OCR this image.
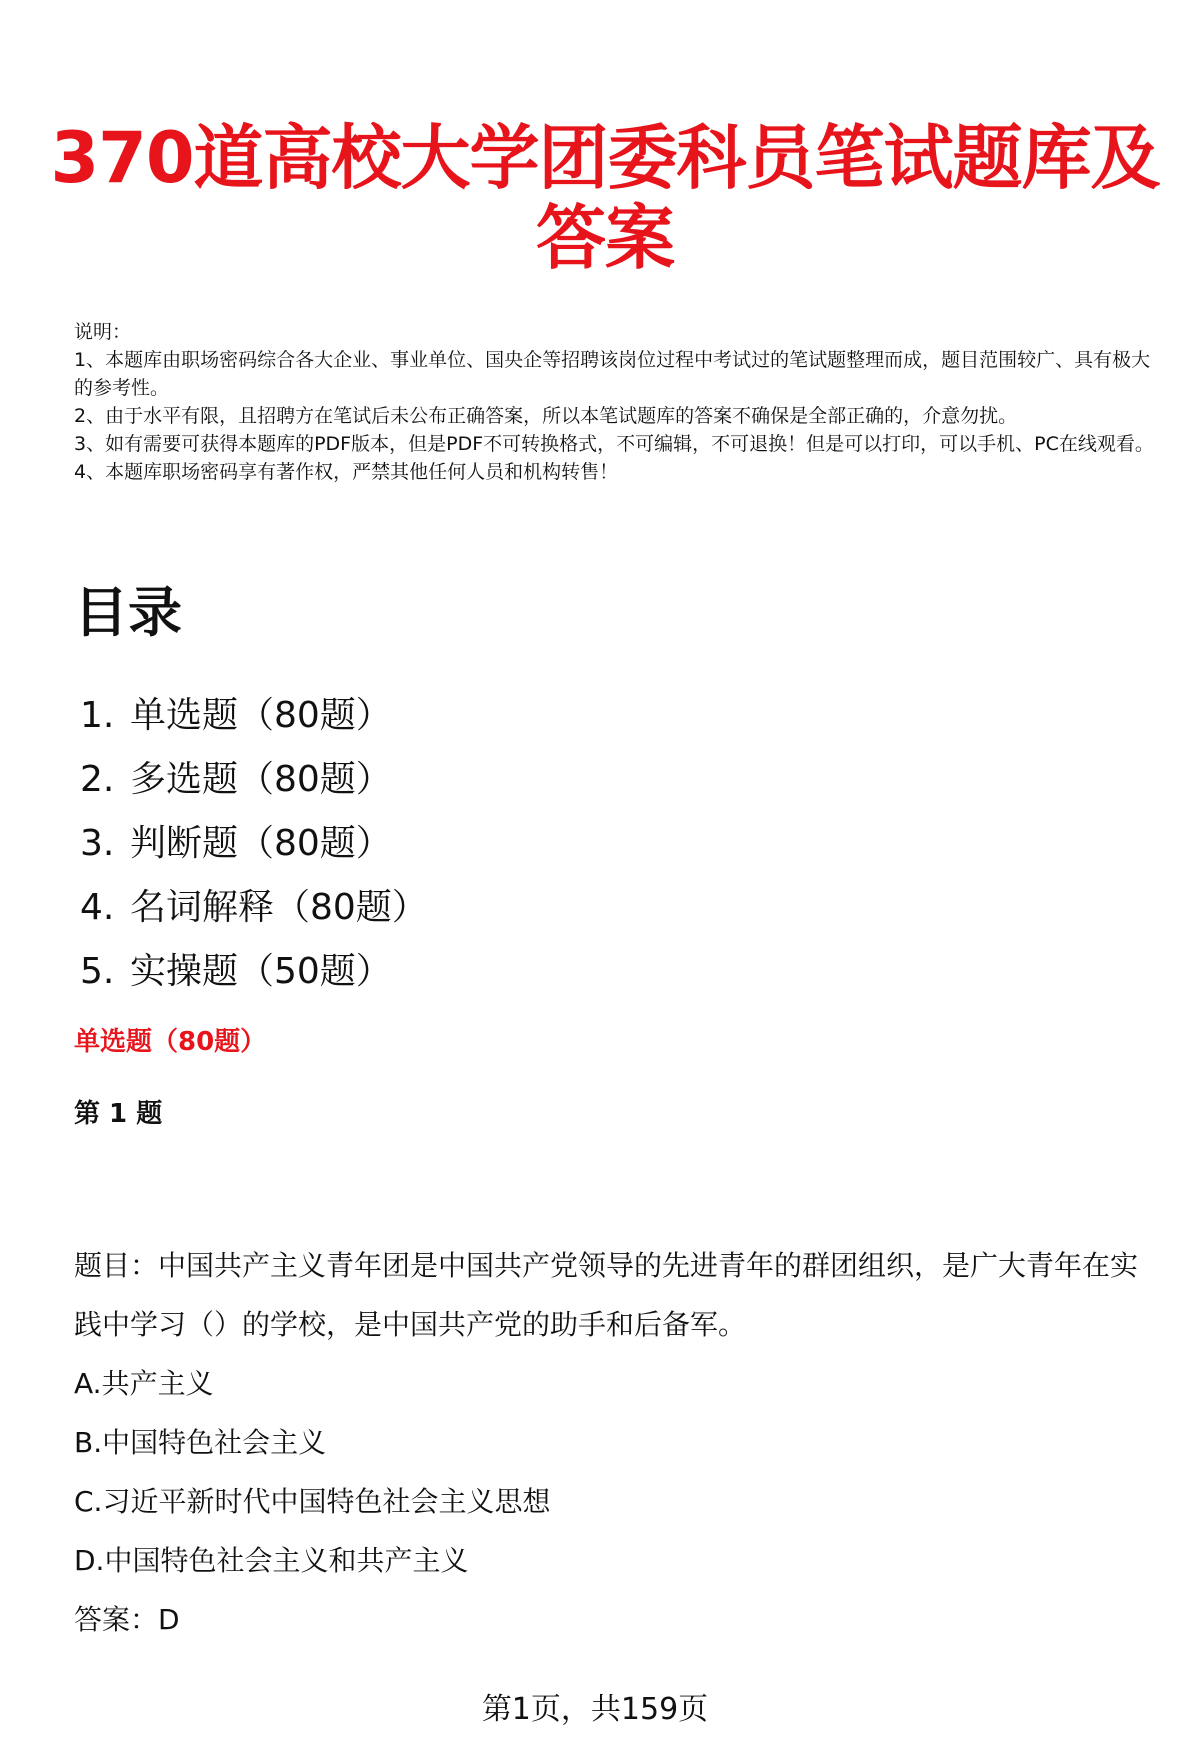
370道高校大学团委科员笔试题库及
答案

说明：

1、本题库由职场密码综合各大企业、事业单位、国央企等招聘该岗位过程中考试过的笔试题整理而成，题目范围较广、具有极大的参考性。

2、由于水平有限，且招聘方在笔试后未公布正确答案，所以本笔试题库的答案不确保是全部正确的，介意勿扰。

3、如有需要可获得本题库的PDF版本，但是PDF不可转换格式，不可编辑，不可退换！但是可以打印，可以手机、PC在线观看。

4、本题库职场密码享有著作权，严禁其他任何人员和机构转售！

目录
1. 单选题（80题）
2. 多选题（80题）
3. 判断题（80题）
4. 名词解释（80题）
5. 实操题（50题）
单选题（80题）
第 1 题

题目：中国共产主义青年团是中国共产党领导的先进青年的群团组织，是广大青年在实践中学习（）的学校，是中国共产党的助手和后备军。

A.共产主义

B.中国特色社会主义

C.习近平新时代中国特色社会主义思想

D.中国特色社会主义和共产主义

答案：D

第1页，共159页
